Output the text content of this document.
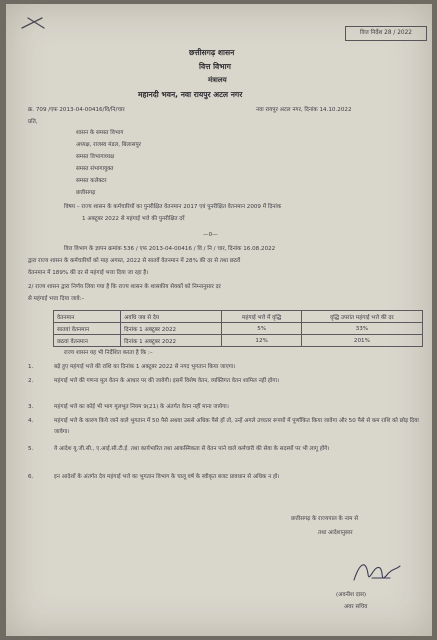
वित्त निर्देश 28 / 2022
छत्तीसगढ़ शासन
वित्त विभाग
मंत्रालय
महानदी भवन, नवा रायपुर अटल नगर
क्र. 709 /एफ 2013-04-00416/वि/नि/चार	नवा रायपुर अटल नगर, दिनांक 14.10.2022
प्रति,
शासन के समस्त विभाग
अध्यक्ष, राजस्व मंडल, बिलासपुर
समस्त विभागाध्यक्ष
समस्त संभागायुक्त
समस्त कलेक्टर
छत्तीसगढ़
विषय – राज्य शासन के कर्मचारियों का पुनरीक्षित वेतनमान 2017 एवं पुनरीक्षित वेतनमान 2009 में दिनांक
1 अक्टूबर 2022 से महंगाई भत्ते की पुनरीक्षित दरें
—0—
वित्त विभाग के ज्ञापन क्रमांक 536 / एफ 2013-04-00416 / वि / नि / चार, दिनांक 16.08.2022
द्वारा राज्य शासन के कर्मचारियों को माह अगस्त, 2022 से सातवें वेतनमान में 28% की दर से तथा छठवें
वेतनमान में 189% की दर से महंगाई भत्ता दिया जा रहा है।
2/ राज्य शासन द्वारा निर्णय लिया गया है कि राज्य शासन के शासकीय सेवकों को निम्नानुसार दर
से महंगाई भत्ता दिया जावे:–
वेतनमान	अवधि जब से देय	महंगाई भत्ते में वृद्धि	वृद्धि उपरांत महंगाई भत्ते की दर
सातवां वेतनमान	दिनांक 1 अक्टूबर 2022	5%	33%
छठवां वेतनमान	दिनांक 1 अक्टूबर 2022	12%	201%
राज्य शासन यह भी निर्देशित करता है कि :–
1.	बढ़े हुए महंगाई भत्ते की राशि का दिनांक 1 अक्टूबर 2022 से नगद भुगतान किया जाएगा।
2.	महंगाई भत्ते की गणना मूल वेतन के आधार पर की जावेगी। इसमें विशेष वेतन, व्यक्तिगत वेतन शामिल नहीं होगा।
3.	महंगाई भत्ते का कोई भी भाग मूलभूत नियम 9(21) के अंतर्गत वेतन नहीं माना जायेगा।
4.	महंगाई भत्ते के कारण किये जाने वाले भुगतान में 50 पैसे अथवा उससे अधिक पैसे हों तो, उन्हें अगले उच्चतर रूपयों में पूर्णांकित किया जावेगा और 50 पैसे से कम राशि को छोड़ दिया जावेगा।
5.	ये आदेश यू.जी.सी., ए.आई.सी.टी.ई. तथा कार्यभारित तथा आकस्मिकता से वेतन पाने वाले कर्मचारी की सेवा के सदस्यों पर भी लागू होंगे।
6.	इन आदेशों के अंतर्गत देय महंगाई भत्ते का भुगतान विभाग के चालू वर्ष के स्वीकृत बजट प्रावधान से अधिक न हो।
छत्तीसगढ़ के राज्यपाल के नाम से
तथा आदेशानुसार
(अवनीश दास)
अवर सचिव
